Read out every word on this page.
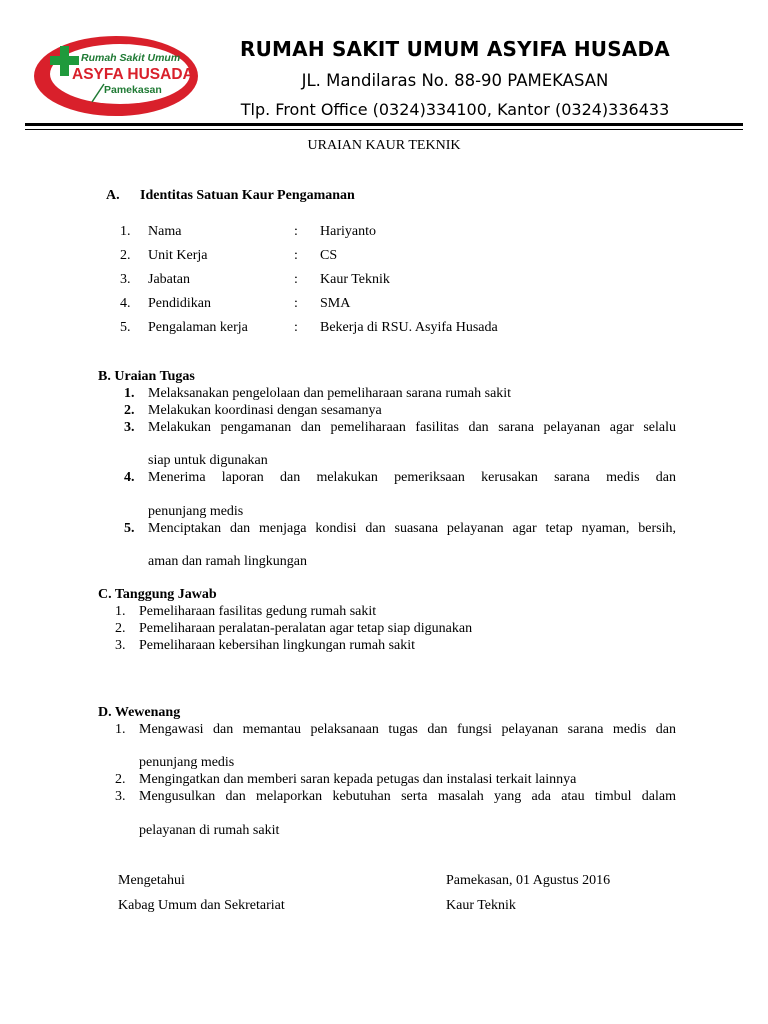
Rumah Sakit Umum
ASYFA HUSADA
Pamekasan
RUMAH SAKIT UMUM ASYIFA HUSADA
JL. Mandilaras No. 88-90 PAMEKASAN
Tlp. Front Office (0324)334100, Kantor (0324)336433
URAIAN KAUR TEKNIK
A. Identitas Satuan Kaur Pengamanan
1. Nama	: Hariyanto
2. Unit Kerja	: CS
3. Jabatan	: Kaur Teknik
4. Pendidikan	: SMA
5. Pengalaman kerja	: Bekerja di RSU. Asyifa Husada
B. Uraian Tugas
1. Melaksanakan pengelolaan dan pemeliharaan sarana rumah sakit
2. Melakukan koordinasi dengan sesamanya
3. Melakukan pengamanan dan pemeliharaan fasilitas dan sarana pelayanan agar selalu
siap untuk digunakan
4. Menerima laporan dan melakukan pemeriksaan kerusakan sarana medis dan
penunjang medis
5. Menciptakan dan menjaga kondisi dan suasana pelayanan agar tetap nyaman, bersih,
aman dan ramah lingkungan
C. Tanggung Jawab
1. Pemeliharaan fasilitas gedung rumah sakit
2. Pemeliharaan peralatan-peralatan agar tetap siap digunakan
3. Pemeliharaan kebersihan lingkungan rumah sakit
D. Wewenang
1. Mengawasi dan memantau pelaksanaan tugas dan fungsi pelayanan sarana medis dan
penunjang medis
2. Mengingatkan dan memberi saran kepada petugas dan instalasi terkait lainnya
3. Mengusulkan dan melaporkan kebutuhan serta masalah yang ada atau timbul dalam
pelayanan di rumah sakit
Mengetahui
Kabag Umum dan Sekretariat
Pamekasan, 01 Agustus 2016
Kaur Teknik
